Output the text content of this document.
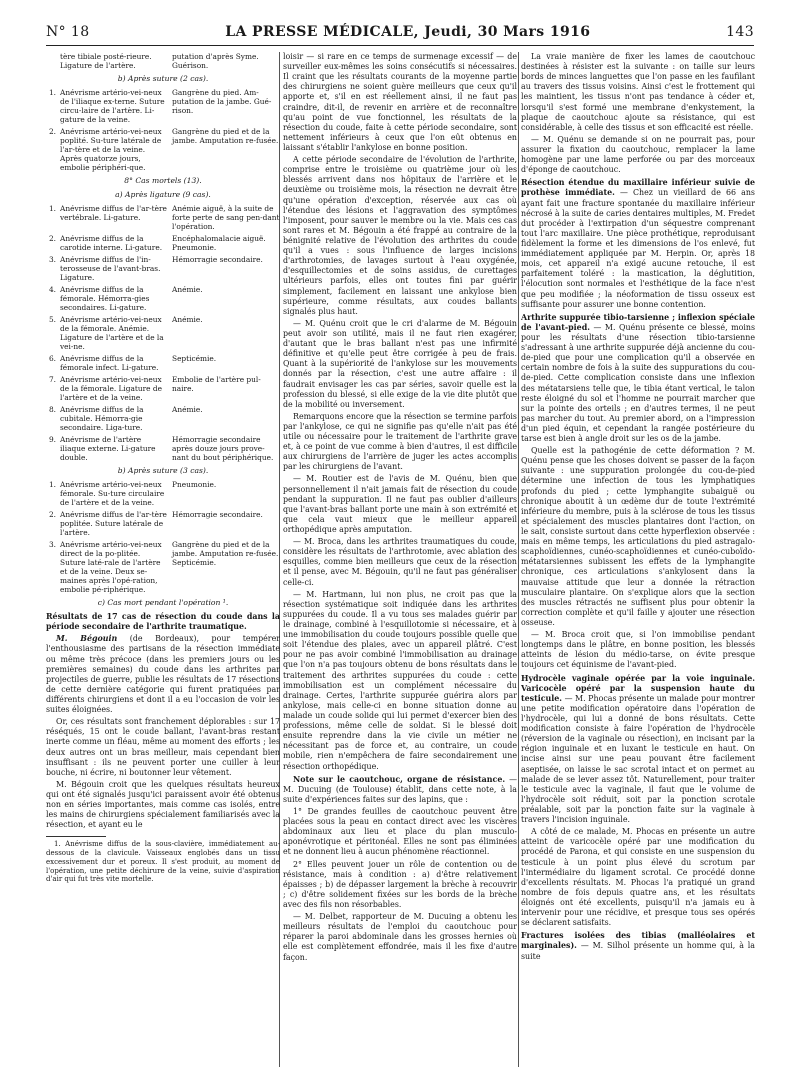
N° 18	LA PRESSE MÉDICALE, Jeudi, 30 Mars 1916	143
tère tibiale posté-rieure. Ligature de l'artère.
putation d'après Syme. Guérison.
b) Après suture (2 cas).
1. Anévrisme artério-vei-neux de l'iliaque ex-terne. Suture circu-laire de l'artère. Li-gature de la veine.
Gangrène du pied. Am-putation de la jambe. Gué-rison.
2. Anévrisme artério-vei-neux poplité. Su-ture latérale de l'ar-tère et de la veine. Après quatorze jours, embolie périphéri-que.
Gangrène du pied et de la jambe. Amputation re-fusée.
8° Cas mortels (13).
a) Après ligature (9 cas).
1. Anévrisme diffus de l'ar-tère vertébrale. Li-gature.
Anémie aiguë, à la suite de forte perte de sang pen-dant l'opération.
2. Anévrisme diffus de la carotide interne. Li-gature.
Encéphalomalacie aiguë. Pneumonie.
3. Anévrisme diffus de l'in-terosseuse de l'avant-bras. Ligature.
Hémorragie secondaire.
4. Anévrisme diffus de la fémorale. Hémorra-gies secondaires. Li-gature.
Anémie.
5. Anévrisme artério-vei-neux de la fémorale. Anémie. Ligature de l'artère et de la vei-ne.
Anémie.
6. Anévrisme diffus de la fémorale infect. Li-gature.
Septicémie.
7. Anévrisme artério-vei-neux de la fémorale. Ligature de l'artère et de la veine.
Embolie de l'artère pul-naire.
8. Anévrisme diffus de la cubitale. Hémorra-gie secondaire. Liga-ture.
Anémie.
9. Anévrisme de l'artère iliaque externe. Li-gature double.
Hémorragie secondaire après douze jours prove-nant du bout périphérique.
b) Après suture (3 cas).
1. Anévrisme artério-vei-neux fémorale. Su-ture circulaire de l'artère et de la veine.
Pneumonie.
2. Anévrisme diffus de l'ar-tère poplitée. Suture latérale de l'artère.
Hémorragie secondaire.
3. Anévrisme artério-vei-neux direct de la po-plitée. Suture laté-rale de l'artère et de la veine. Deux se-maines après l'opé-ration, embolie pé-riphérique.
Gangrène du pied et de la jambe. Amputation re-fusée. Septicémie.
c) Cas mort pendant l'opération ¹.

Résultats de 17 cas de résection du coude dans la période secondaire de l'arthrite traumatique.

M. Bégouin (de Bordeaux), pour tempérer l'enthousiasme des partisans de la résection immédiate ou même très précoce (dans les premiers jours ou les premières semaines) du coude dans les arthrites par projectiles de guerre, publie les résultats de 17 résections de cette dernière catégorie qui furent pratiquées par différents chirurgiens et dont il a eu l'occasion de voir les suites éloignées.

Or, ces résultats sont franchement déplorables : sur 17 réséqués, 15 ont le coude ballant, l'avant-bras restant inerte comme un fléau, même au moment des efforts ; les deux autres ont un bras meilleur, mais cependant bien insuffisant : ils ne peuvent porter une cuiller à leur bouche, ni écrire, ni boutonner leur vêtement.

M. Bégouin croit que les quelques résultats heureux qui ont été signalés jusqu'ici paraissent avoir été obtenus non en séries importantes, mais comme cas isolés, entre les mains de chirurgiens spécialement familiarisés avec la résection, et ayant eu le

1. Anévrisme diffus de la sous-clavière, immédiatement au-dessous de la clavicule. Vaisseaux englobés dans un tissu excessivement dur et poreux. Il s'est produit, au moment de l'opération, une petite déchirure de la veine, suivie d'aspiration d'air qui fut très vite mortelle.

loisir — si rare en ce temps de surmenage excessif — de surveiller eux-mêmes les soins consécutifs si nécessaires. Il craint que les résultats courants de la moyenne partie des chirurgiens ne soient guère meilleurs que ceux qu'il apporte et, s'il en est réellement ainsi, il ne faut pas craindre, dit-il, de revenir en arrière et de reconnaître qu'au point de vue fonctionnel, les résultats de la résection du coude, faite à cette période secondaire, sont nettement inférieurs à ceux que l'on eût obtenus en laissant s'établir l'ankylose en bonne position.

A cette période secondaire de l'évolution de l'arthrite, comprise entre le troisième ou quatrième jour où les blessés arrivent dans nos hôpitaux de l'arrière et le deuxième ou troisième mois, la résection ne devrait être qu'une opération d'exception, réservée aux cas où l'étendue des lésions et l'aggravation des symptômes l'imposent, pour sauver le membre ou la vie. Mais ces cas sont rares et M. Bégouin a été frappé au contraire de la bénignité relative de l'évolution des arthrites du coude qu'il a vues : sous l'influence de larges incisions d'arthrotomies, de lavages surtout à l'eau oxygénée, d'esquillectomies et de soins assidus, de curettages ultérieurs parfois, elles ont toutes fini par guérir simplement, facilement en laissant une ankylose bien supérieure, comme résultats, aux coudes ballants signalés plus haut.

— M. Quénu croit que le cri d'alarme de M. Bégouin peut avoir son utilité, mais il ne faut rien exagérer, d'autant que le bras ballant n'est pas une infirmité définitive et qu'elle peut être corrigée à peu de frais. Quant à la supériorité de l'ankylose sur les mouvements donnés par la résection, c'est une autre affaire : il faudrait envisager les cas par séries, savoir quelle est la profession du blessé, si elle exige de la vie dite plutôt que de la mobilité ou inversement.

Remarquons encore que la résection se termine parfois par l'ankylose, ce qui ne signifie pas qu'elle n'ait pas été utile ou nécessaire pour le traitement de l'arthrite grave et, à ce point de vue comme à bien d'autres, il est difficile aux chirurgiens de l'arrière de juger les actes accomplis par les chirurgiens de l'avant.

— M. Routier est de l'avis de M. Quénu, bien que personnellement il n'ait jamais fait de résection du coude pendant la suppuration. Il ne faut pas oublier d'ailleurs que l'avant-bras ballant porte une main à son extrémité et que cela vaut mieux que le meilleur appareil orthopédique après amputation.

— M. Broca, dans les arthrites traumatiques du coude, considère les résultats de l'arthrotomie, avec ablation des esquilles, comme bien meilleurs que ceux de la résection et il pense, avec M. Bégouin, qu'il ne faut pas généraliser celle-ci.

— M. Hartmann, lui non plus, ne croit pas que la résection systématique soit indiquée dans les arthrites suppurées du coude. Il a vu tous ses malades guérir par le drainage, combiné à l'esquillotomie si nécessaire, et à une immobilisation du coude toujours possible quelle que soit l'étendue des plaies, avec un appareil plâtré. C'est pour ne pas avoir combiné l'immobilisation au drainage que l'on n'a pas toujours obtenu de bons résultats dans le traitement des arthrites suppurées du coude : cette immobilisation est un complément nécessaire du drainage. Certes, l'arthrite suppurée guérira alors par ankylose, mais celle-ci en bonne situation donne au malade un coude solide qui lui permet d'exercer bien des professions, même celle de soldat. Si le blessé doit ensuite reprendre dans la vie civile un métier ne nécessitant pas de force et, au contraire, un coude mobile, rien n'empêchera de faire secondairement une résection orthopédique.

Note sur le caoutchouc, organe de résistance. — M. Ducuing (de Toulouse) établit, dans cette note, à la suite d'expériences faites sur des lapins, que :

1° De grandes feuilles de caoutchouc peuvent être placées sous la peau en contact direct avec les viscères abdominaux aux lieu et place du plan musculo-aponévrotique et péritonéal. Elles ne sont pas éliminées et ne donnent lieu à aucun phénomène réactionnel.

2° Elles peuvent jouer un rôle de contention ou de résistance, mais à condition : a) d'être relativement épaisses ; b) de dépasser largement la brèche à recouvrir ; c) d'être solidement fixées sur les bords de la brèche avec des fils non résorbables.

— M. Delbet, rapporteur de M. Ducuing a obtenu les meilleurs résultats de l'emploi du caoutchouc pour réparer la paroi abdominale dans les grosses hernies où elle est complètement effondrée, mais il les fixe d'autre façon.

La vraie manière de fixer les lames de caoutchouc destinées à résister est la suivante : on taille sur leurs bords de minces languettes que l'on passe en les faufilant au travers des tissus voisins. Ainsi c'est le frottement qui les maintient, les tissus n'ont pas tendance à céder et, lorsqu'il s'est formé une membrane d'enkystement, la plaque de caoutchouc ajoute sa résistance, qui est considérable, à celle des tissus et son efficacité est réelle.

— M. Quénu se demande si on ne pourrait pas, pour assurer la fixation du caoutchouc, remplacer la lame homogène par une lame perforée ou par des morceaux d'éponge de caoutchouc.

Résection étendue du maxillaire inférieur suivie de prothèse immédiate. — Chez un vieillard de 66 ans ayant fait une fracture spontanée du maxillaire inférieur nécrosé à la suite de caries dentaires multiples, M. Fredet dut procéder à l'extirpation d'un séquestre comprenant tout l'arc maxillaire. Une pièce prothétique, reproduisant fidèlement la forme et les dimensions de l'os enlevé, fut immédiatement appliquée par M. Herpin. Or, après 18 mois, cet appareil n'a exigé aucune retouche, il est parfaitement toléré : la mastication, la déglutition, l'élocution sont normales et l'esthétique de la face n'est que peu modifiée ; la néoformation de tissu osseux est suffisante pour assurer une bonne contention.

Arthrite suppurée tibio-tarsienne ; inflexion spéciale de l'avant-pied. — M. Quénu présente ce blessé, moins pour les résultats d'une résection tibio-tarsienne s'adressant à une arthrite suppurée déjà ancienne du cou-de-pied que pour une complication qu'il a observée en certain nombre de fois à la suite des suppurations du cou-de-pied. Cette complication consiste dans une inflexion des métatarsiens telle que, le tibia étant vertical, le talon reste éloigné du sol et l'homme ne pourrait marcher que sur la pointe des orteils ; en d'autres termes, il ne peut pas marcher du tout. Au premier abord, on a l'impression d'un pied équin, et cependant la rangée postérieure du tarse est bien à angle droit sur les os de la jambe.

Quelle est la pathogénie de cette déformation ? M. Quénu pense que les choses doivent se passer de la façon suivante : une suppuration prolongée du cou-de-pied détermine une infection de tous les lymphatiques profonds du pied ; cette lymphangite subaiguë ou chronique aboutit à un œdème dur de toute l'extrémité inférieure du membre, puis à la sclérose de tous les tissus et spécialement des muscles plantaires dont l'action, on le sait, consiste surtout dans cette hyperflexion observée : mais en même temps, les articulations du pied astragalo-scaphoïdiennes, cunéo-scaphoïdiennes et cunéo-cuboïdo-métatarsiennes subissent les effets de la lymphangite chronique, ces articulations s'ankylosent dans la mauvaise attitude que leur a donnée la rétraction musculaire plantaire. On s'explique alors que la section des muscles rétractés ne suffisent plus pour obtenir la correction complète et qu'il faille y ajouter une résection osseuse.

— M. Broca croit que, si l'on immobilise pendant longtemps dans le plâtre, en bonne position, les blessés atteints de lésion du médio-tarse, on évite presque toujours cet équinisme de l'avant-pied.

Hydrocèle vaginale opérée par la voie inguinale. Varicocèle opéré par la suspension haute du testicule. — M. Phocas présente un malade pour montrer une petite modification opératoire dans l'opération de l'hydrocèle, qui lui a donné de bons résultats. Cette modification consiste à faire l'opération de l'hydrocèle (réversion de la vaginale ou résection), en incisant par la région inguinale et en luxant le testicule en haut. On incise ainsi sur une peau pouvant être facilement aseptisée, on laisse le sac scrotal intact et on permet au malade de se lever assez tôt. Naturellement, pour traiter le testicule avec la vaginale, il faut que le volume de l'hydrocèle soit réduit, soit par la ponction scrotale préalable, soit par la ponction faite sur la vaginale à travers l'incision inguinale.

A côté de ce malade, M. Phocas en présente un autre atteint de varicocèle opéré par une modification du procédé de Parona, et qui consiste en une suspension du testicule à un point plus élevé du scrotum par l'intermédiaire du ligament scrotal. Ce procédé donne d'excellents résultats. M. Phocas l'a pratiqué un grand nombre de fois depuis quatre ans, et les résultats éloignés ont été excellents, puisqu'il n'a jamais eu à intervenir pour une récidive, et presque tous ses opérés se déclarent satisfaits.

Fractures isolées des tibias (malléolaires et marginales). — M. Silhol présente un homme qui, à la suite
